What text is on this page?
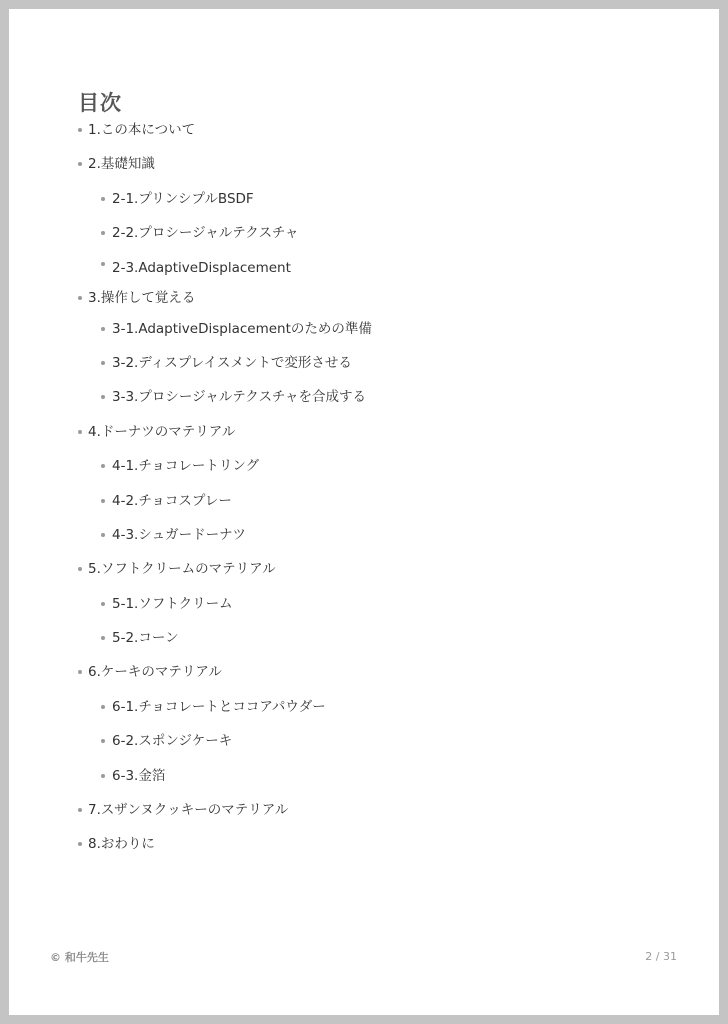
目次
1.この本について
2.基礎知識
2-1.プリンシプルBSDF
2-2.プロシージャルテクスチャ
2-3.AdaptiveDisplacement
3.操作して覚える
3-1.AdaptiveDisplacementのための準備
3-2.ディスプレイスメントで変形させる
3-3.プロシージャルテクスチャを合成する
4.ドーナツのマテリアル
4-1.チョコレートリング
4-2.チョコスプレー
4-3.シュガードーナツ
5.ソフトクリームのマテリアル
5-1.ソフトクリーム
5-2.コーン
6.ケーキのマテリアル
6-1.チョコレートとココアパウダー
6-2.スポンジケーキ
6-3.金箔
7.スザンヌクッキーのマテリアル
8.おわりに
© 和牛先生	2 / 31
